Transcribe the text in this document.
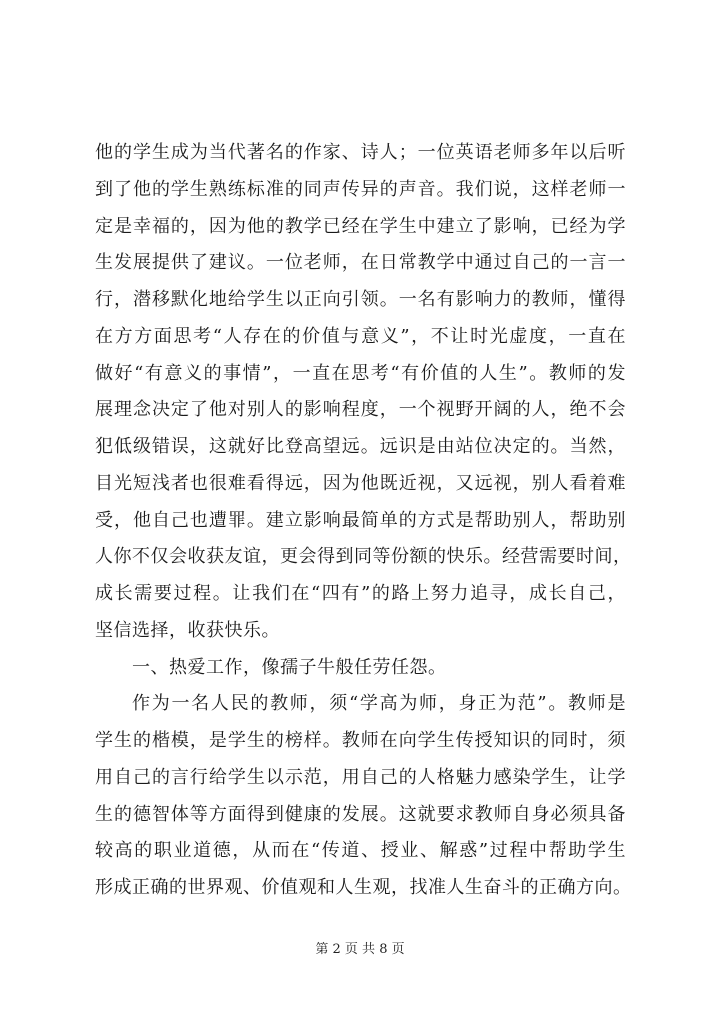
他的学生成为当代著名的作家、诗人；一位英语老师多年以后听
到了他的学生熟练标准的同声传异的声音。我们说，这样老师一
定是幸福的，因为他的教学已经在学生中建立了影响，已经为学
生发展提供了建议。一位老师，在日常教学中通过自己的一言一
行，潜移默化地给学生以正向引领。一名有影响力的教师，懂得
在方方面思考“人存在的价值与意义”，不让时光虚度，一直在
做好“有意义的事情”，一直在思考“有价值的人生”。教师的发
展理念决定了他对别人的影响程度，一个视野开阔的人，绝不会
犯低级错误，这就好比登高望远。远识是由站位决定的。当然，
目光短浅者也很难看得远，因为他既近视，又远视，别人看着难
受，他自己也遭罪。建立影响最简单的方式是帮助别人，帮助别
人你不仅会收获友谊，更会得到同等份额的快乐。经营需要时间，
成长需要过程。让我们在“四有”的路上努力追寻，成长自己，
坚信选择，收获快乐。
一、热爱工作，像孺子牛般任劳任怨。
作为一名人民的教师，须“学高为师，身正为范”。教师是
学生的楷模，是学生的榜样。教师在向学生传授知识的同时，须
用自己的言行给学生以示范，用自己的人格魅力感染学生，让学
生的德智体等方面得到健康的发展。这就要求教师自身必须具备
较高的职业道德，从而在“传道、授业、解惑”过程中帮助学生
形成正确的世界观、价值观和人生观，找准人生奋斗的正确方向。
第 2 页 共 8 页
